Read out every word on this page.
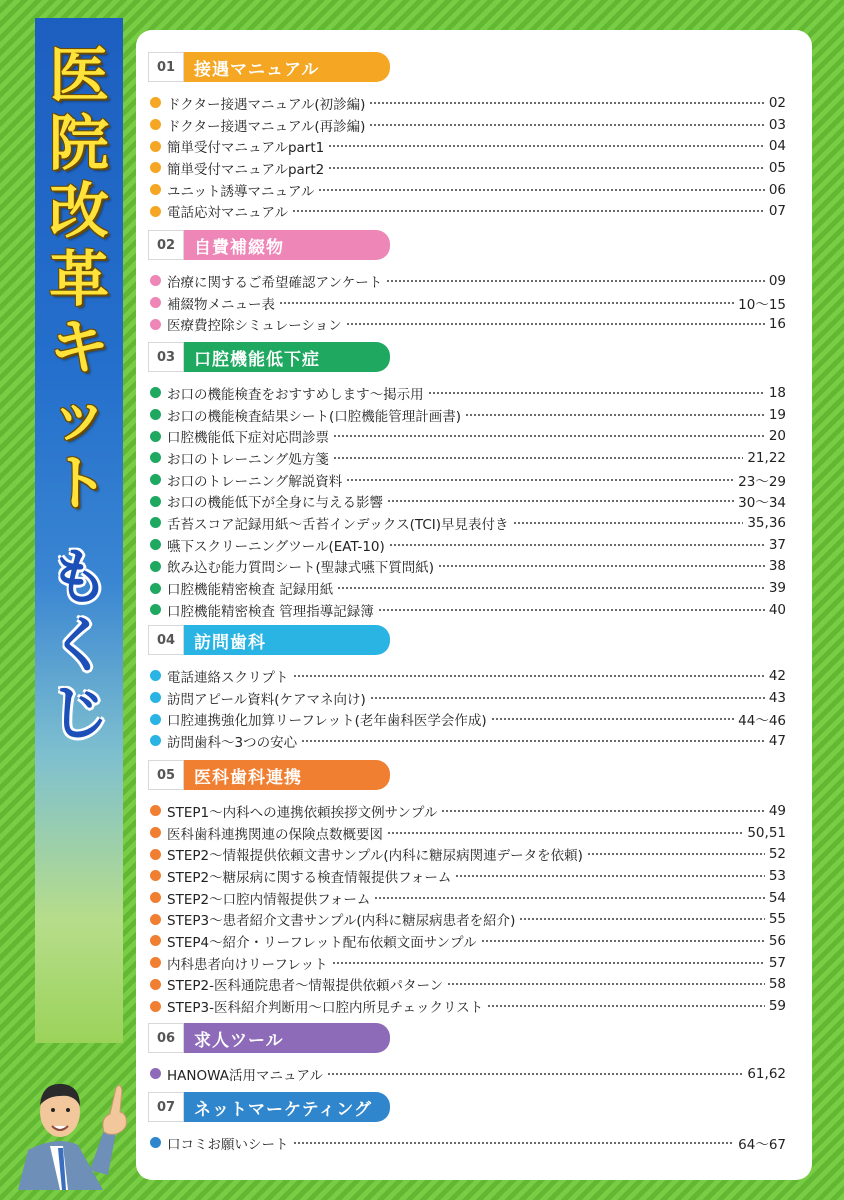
医
院
改
革
キ
ッ
ト
も
く
じ
01	接遇マニュアル
ドクター接遇マニュアル(初診編)	02
ドクター接遇マニュアル(再診編)	03
簡単受付マニュアルpart1	04
簡単受付マニュアルpart2	05
ユニット誘導マニュアル	06
電話応対マニュアル	07
02	自費補綴物
治療に関するご希望確認アンケート	09
補綴物メニュー表	10〜15
医療費控除シミュレーション	16
03	口腔機能低下症
お口の機能検査をおすすめします〜掲示用	18
お口の機能検査結果シート(口腔機能管理計画書)	19
口腔機能低下症対応問診票	20
お口のトレーニング処方箋	21,22
お口のトレーニング解説資料	23〜29
お口の機能低下が全身に与える影響	30〜34
舌苔スコア記録用紙〜舌苔インデックス(TCI)早見表付き	35,36
嚥下スクリーニングツール(EAT-10)	37
飲み込む能力質問シート(聖隷式嚥下質問紙)	38
口腔機能精密検査 記録用紙	39
口腔機能精密検査 管理指導記録簿	40
04	訪問歯科
電話連絡スクリプト	42
訪問アピール資料(ケアマネ向け)	43
口腔連携強化加算リーフレット(老年歯科医学会作成)	44〜46
訪問歯科〜3つの安心	47
05	医科歯科連携
STEP1〜内科への連携依頼挨拶文例サンプル	49
医科歯科連携関連の保険点数概要図	50,51
STEP2〜情報提供依頼文書サンプル(内科に糖尿病関連データを依頼)	52
STEP2〜糖尿病に関する検査情報提供フォーム	53
STEP2〜口腔内情報提供フォーム	54
STEP3〜患者紹介文書サンプル(内科に糖尿病患者を紹介)	55
STEP4〜紹介・リーフレット配布依頼文面サンプル	56
内科患者向けリーフレット	57
STEP2-医科通院患者〜情報提供依頼パターン	58
STEP3-医科紹介判断用〜口腔内所見チェックリスト	59
06	求人ツール
HANOWA活用マニュアル	61,62
07	ネットマーケティング
口コミお願いシート	64〜67
